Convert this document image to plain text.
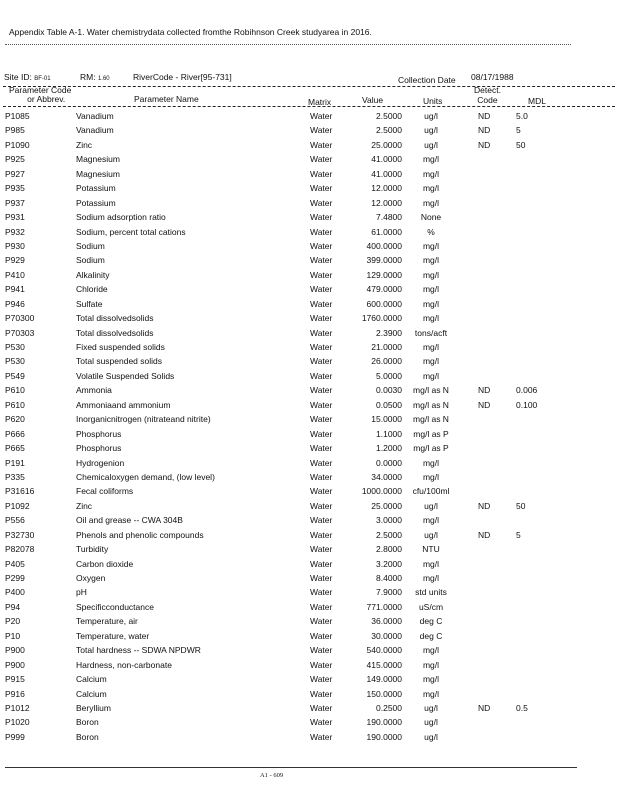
Appendix Table A-1. Water chemistrydata collected fromthe Robihnson Creek studyarea in 2016.
Site ID: BF-01	RM: 1.60	RiverCode - River[95-731]	Collection Date 08/17/1988
Parameter Code
or Abbrev.	Parameter Name	Matrix	Value	Units
Detect.
Code	MDL
P1085	Vanadium	Water	2.5000	ug/l	ND	5.0
P985	Vanadium	Water	2.5000	ug/l	ND	5
P1090	Zinc	Water	25.0000	ug/l	ND	50
P925	Magnesium	Water	41.0000	mg/l
P927	Magnesium	Water	41.0000	mg/l
P935	Potassium	Water	12.0000	mg/l
P937	Potassium	Water	12.0000	mg/l
P931	Sodium adsorption ratio	Water	7.4800	None
P932	Sodium, percent total cations	Water	61.0000	%
P930	Sodium	Water	400.0000	mg/l
P929	Sodium	Water	399.0000	mg/l
P410	Alkalinity	Water	129.0000	mg/l
P941	Chloride	Water	479.0000	mg/l
P946	Sulfate	Water	600.0000	mg/l
P70300	Total dissolvedsolids	Water	1760.0000	mg/l
P70303	Total dissolvedsolids	Water	2.3900	tons/acft
P530	Fixed suspended solids	Water	21.0000	mg/l
P530	Total suspended solids	Water	26.0000	mg/l
P549	Volatile Suspended Solids	Water	5.0000	mg/l
P610	Ammonia	Water	0.0030	mg/l as N	ND	0.006
P610	Ammoniaand ammonium	Water	0.0500	mg/l as N	ND	0.100
P620	Inorganicnitrogen (nitrateand nitrite)	Water	15.0000	mg/l as N
P666	Phosphorus	Water	1.1000	mg/l as P
P665	Phosphorus	Water	1.2000	mg/l as P
P191	Hydrogenion	Water	0.0000	mg/l
P335	Chemicaloxygen demand, (low level)	Water	34.0000	mg/l
P31616	Fecal coliforms	Water	1000.0000	cfu/100ml
P1092	Zinc	Water	25.0000	ug/l	ND	50
P556	Oil and grease -- CWA 304B	Water	3.0000	mg/l
P32730	Phenols and phenolic compounds	Water	2.5000	ug/l	ND	5
P82078	Turbidity	Water	2.8000	NTU
P405	Carbon dioxide	Water	3.2000	mg/l
P299	Oxygen	Water	8.4000	mg/l
P400	pH	Water	7.9000	std units
P94	Specificconductance	Water	771.0000	uS/cm
P20	Temperature, air	Water	36.0000	deg C
P10	Temperature, water	Water	30.0000	deg C
P900	Total hardness -- SDWA NPDWR	Water	540.0000	mg/l
P900	Hardness, non-carbonate	Water	415.0000	mg/l
P915	Calcium	Water	149.0000	mg/l
P916	Calcium	Water	150.0000	mg/l
P1012	Beryllium	Water	0.2500	ug/l	ND	0.5
P1020	Boron	Water	190.0000	ug/l
P999	Boron	Water	190.0000	ug/l
A1 - 609
